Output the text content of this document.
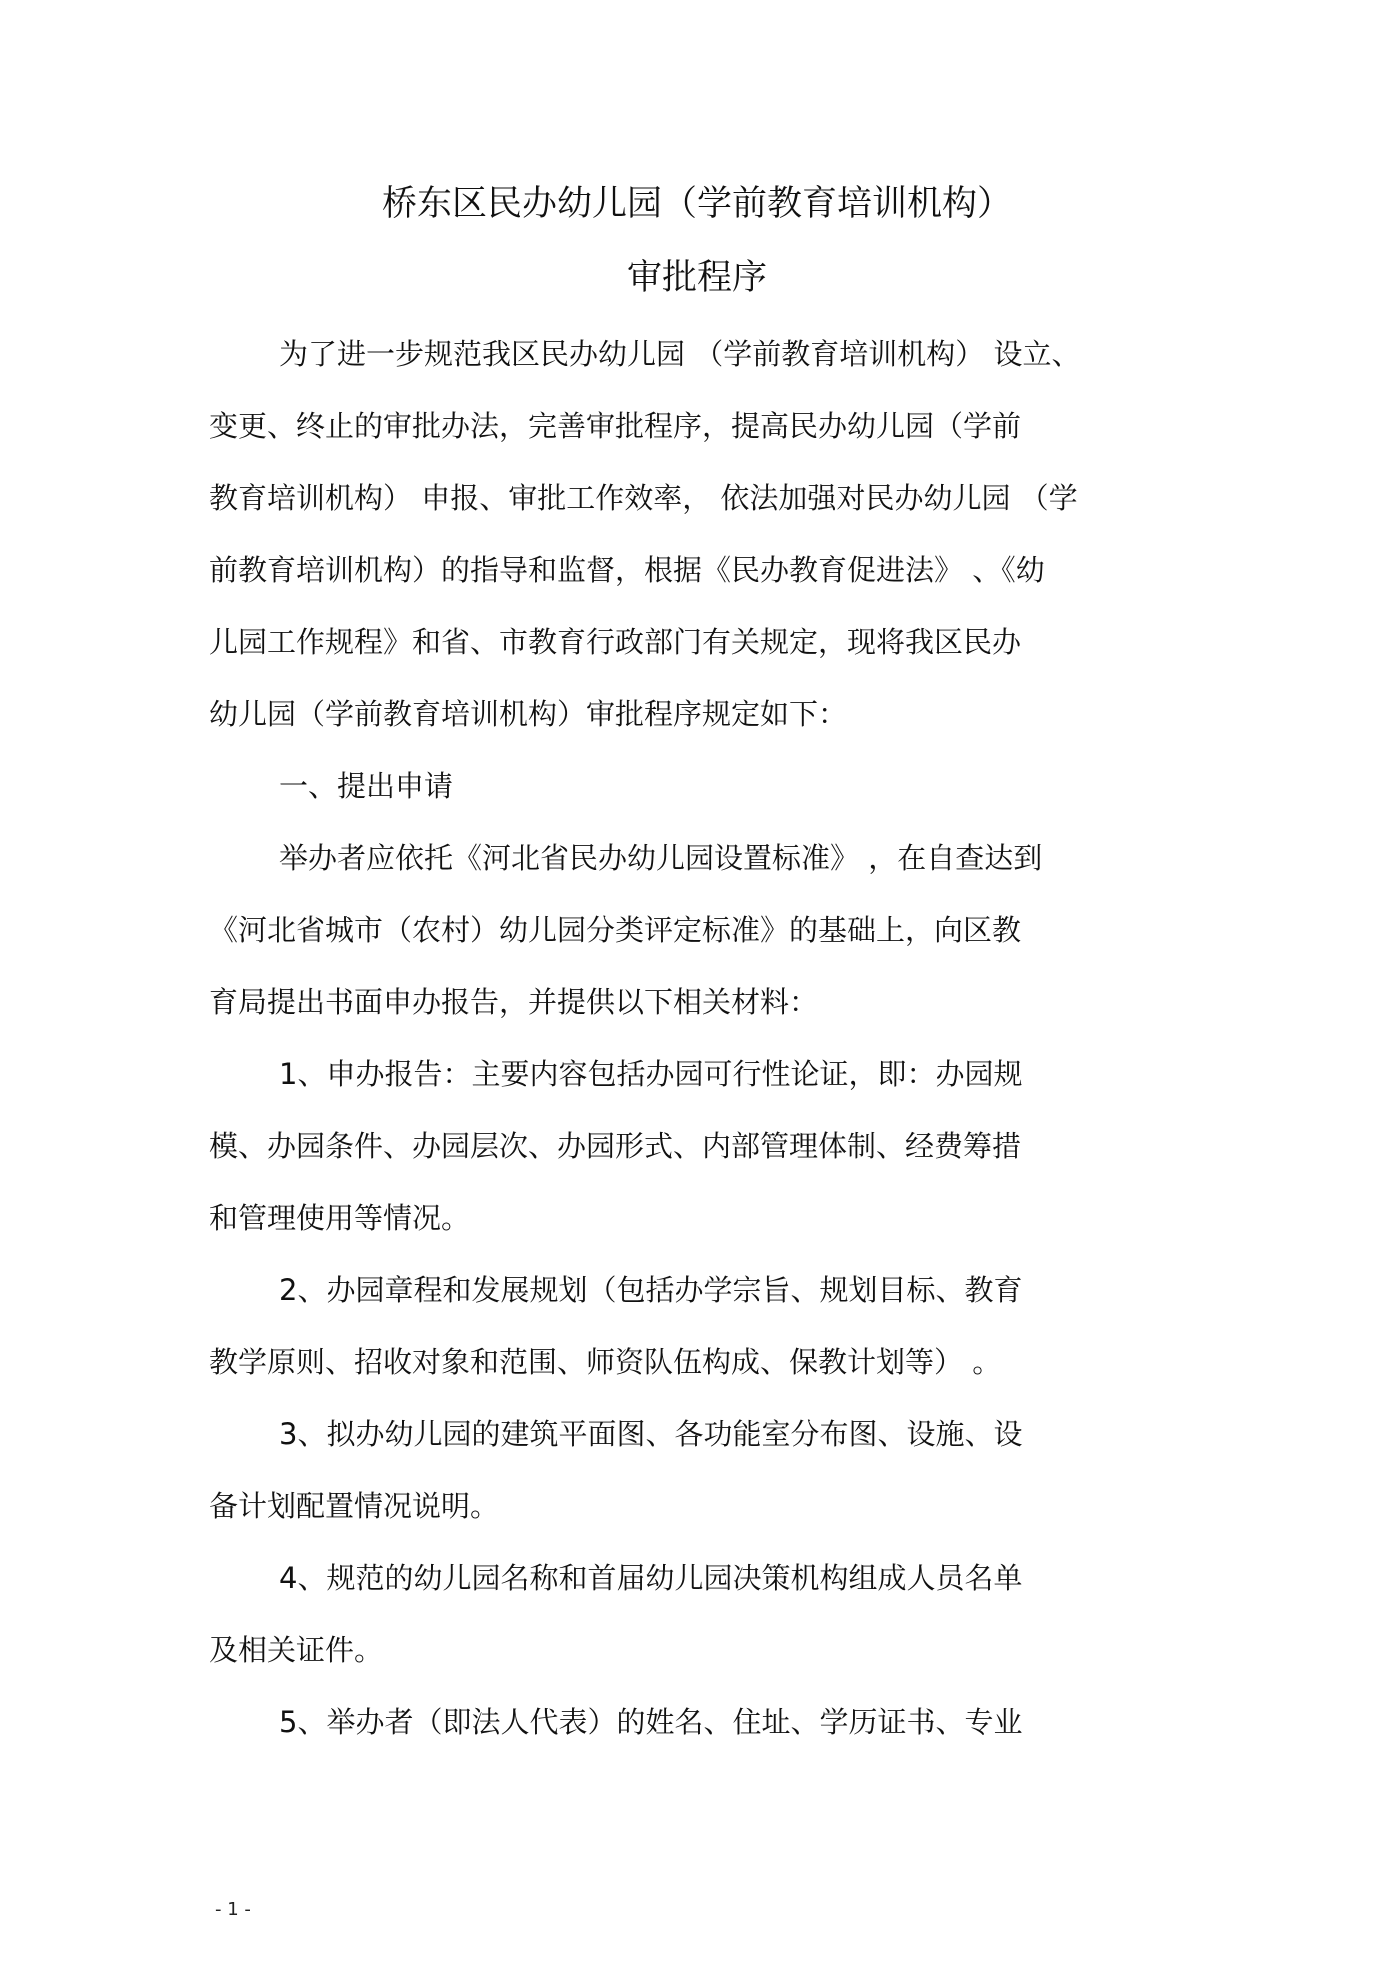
桥东区民办幼儿园（学前教育培训机构）
审批程序

为了进一步规范我区民办幼儿园 （学前教育培训机构） 设立、

变更、终止的审批办法，完善审批程序，提高民办幼儿园（学前

教育培训机构） 申报、审批工作效率， 依法加强对民办幼儿园 （学

前教育培训机构）的指导和监督，根据《民办教育促进法》 、《幼

儿园工作规程》和省、市教育行政部门有关规定，现将我区民办

幼儿园（学前教育培训机构）审批程序规定如下：

一、提出申请

举办者应依托《河北省民办幼儿园设置标准》 ，在自查达到

《河北省城市（农村）幼儿园分类评定标准》的基础上，向区教

育局提出书面申办报告，并提供以下相关材料：

1、申办报告：主要内容包括办园可行性论证，即：办园规

模、办园条件、办园层次、办园形式、内部管理体制、经费筹措

和管理使用等情况。

2、办园章程和发展规划（包括办学宗旨、规划目标、教育

教学原则、招收对象和范围、师资队伍构成、保教计划等） 。

3、拟办幼儿园的建筑平面图、各功能室分布图、设施、设

备计划配置情况说明。

4、规范的幼儿园名称和首届幼儿园决策机构组成人员名单

及相关证件。

5、举办者（即法人代表）的姓名、住址、学历证书、专业

- 1 -
